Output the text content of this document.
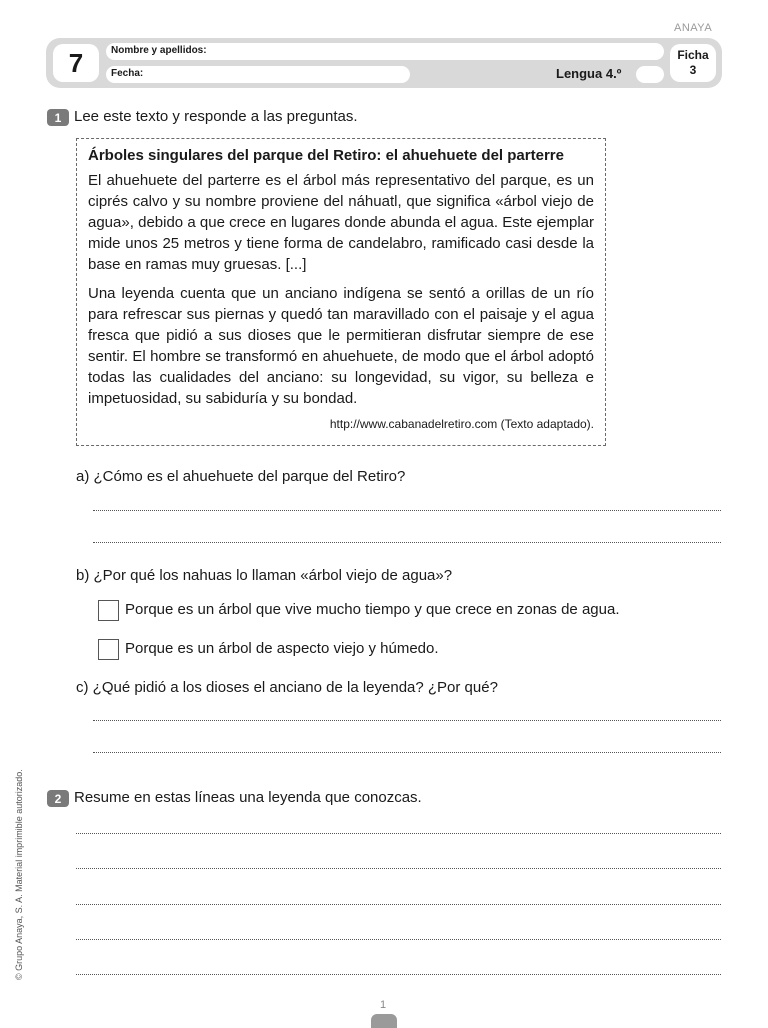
ANAYA
7	Nombre y apellidos:
Fecha:	Lengua 4.º
Ficha
3
1 Lee este texto y responde a las preguntas.

Árboles singulares del parque del Retiro: el ahuehuete del parterre

El ahuehuete del parterre es el árbol más representativo del parque, es un ciprés calvo y su nombre proviene del náhuatl, que significa «árbol viejo de agua», debido a que crece en lugares donde abunda el agua. Este ejemplar mide unos 25 metros y tiene forma de candelabro, ramificado casi desde la base en ramas muy gruesas. [...]

Una leyenda cuenta que un anciano indígena se sentó a orillas de un río para refrescar sus piernas y quedó tan maravillado con el paisaje y el agua fresca que pidió a sus dioses que le permitieran disfrutar siempre de ese sentir. El hombre se transformó en ahuehuete, de modo que el árbol adoptó todas las cualidades del anciano: su longevidad, su vigor, su belleza e impetuosidad, su sabiduría y su bondad.

http://www.cabanadelretiro.com (Texto adaptado).
a) ¿Cómo es el ahuehuete del parque del Retiro?
b) ¿Por qué los nahuas lo llaman «árbol viejo de agua»?
Porque es un árbol que vive mucho tiempo y que crece en zonas de agua.
Porque es un árbol de aspecto viejo y húmedo.
c) ¿Qué pidió a los dioses el anciano de la leyenda? ¿Por qué?
2 Resume en estas líneas una leyenda que conozcas.
© Grupo Anaya, S. A. Material imprimible autorizado.
1
